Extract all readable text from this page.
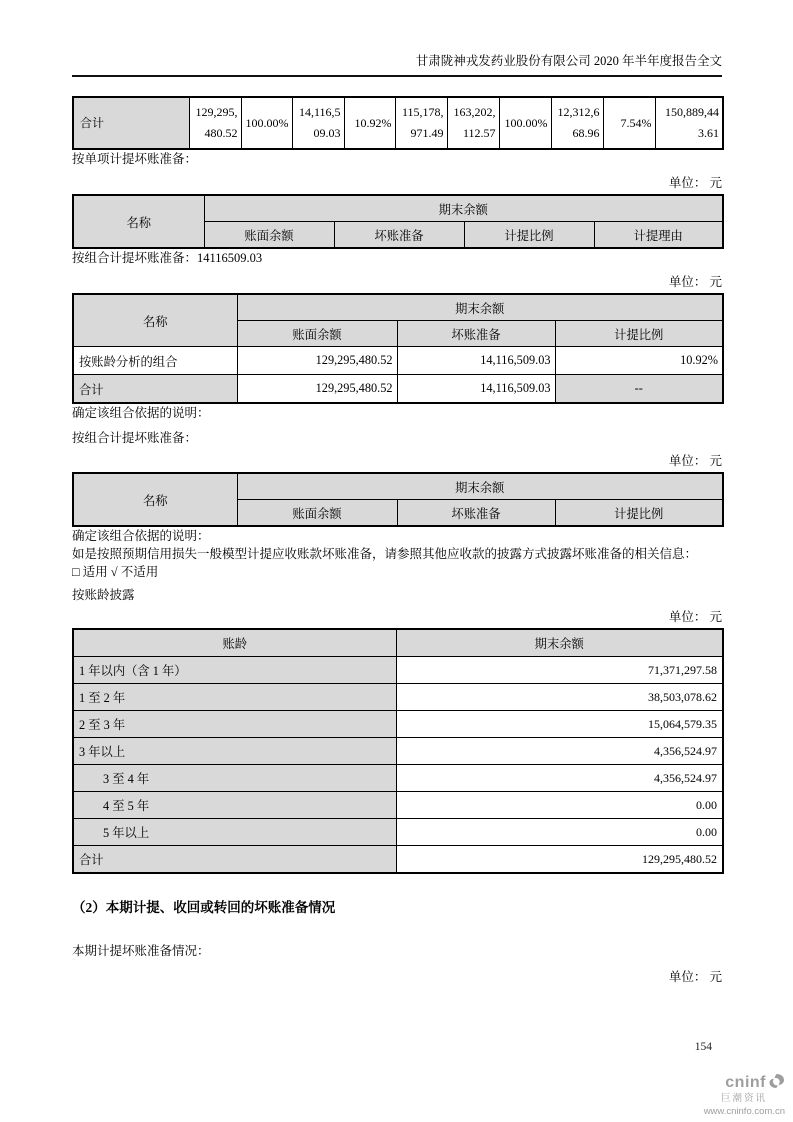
甘肃陇神戎发药业股份有限公司 2020 年半年度报告全文
合计	129,295,480.52	100.00%	14,116,509.03	10.92%	115,178,971.49	163,202,112.57	100.00%	12,312,668.96	7.54%	150,889,443.61

按单项计提坏账准备：

单位： 元
名称	期末余额			
	账面余额	坏账准备	计提比例	计提理由

按组合计提坏账准备：14116509.03

单位： 元
名称	期末余额		
	账面余额	坏账准备	计提比例
按账龄分析的组合	129,295,480.52	14,116,509.03	10.92%
合计	129,295,480.52	14,116,509.03	--

确定该组合依据的说明：

按组合计提坏账准备：

单位： 元
名称	期末余额		
	账面余额	坏账准备	计提比例

确定该组合依据的说明：

如是按照预期信用损失一般模型计提应收账款坏账准备，请参照其他应收款的披露方式披露坏账准备的相关信息：

□ 适用 √ 不适用

按账龄披露

单位： 元
账龄	期末余额
1 年以内（含 1 年）	71,371,297.58
1 至 2 年	38,503,078.62
2 至 3 年	15,064,579.35
3 年以上	4,356,524.97
3 至 4 年	4,356,524.97
4 至 5 年	0.00
5 年以上	0.00
合计	129,295,480.52
（2）本期计提、收回或转回的坏账准备情况

本期计提坏账准备情况：

单位： 元
154
cninf
巨潮资讯
www.cninfo.com.cn
